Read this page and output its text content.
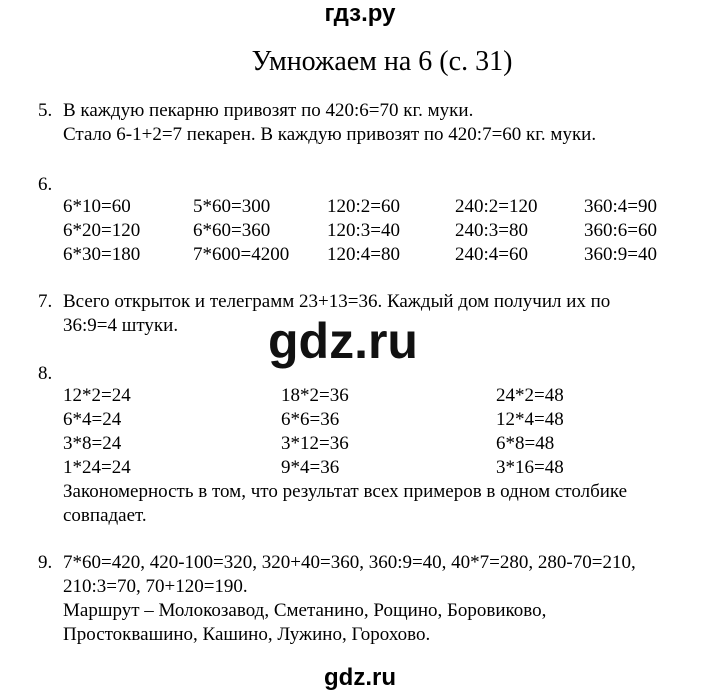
гдз.ру
Умножаем на 6 (с. 31)
5. В каждую пекарню привозят по 420:6=70 кг. муки.
Стало 6-1+2=7 пекарен. В каждую привозят по 420:7=60 кг. муки.
6.
6*10=60
6*20=120
6*30=180
5*60=300
6*60=360
7*600=4200
120:2=60
120:3=40
120:4=80
240:2=120
240:3=80
240:4=60
360:4=90
360:6=60
360:9=40
7. Всего открыток и телеграмм 23+13=36. Каждый дом получил их по
36:9=4 штуки. gdz.ru
8.
12*2=24
6*4=24
3*8=24
1*24=24
18*2=36
6*6=36
3*12=36
9*4=36
24*2=48
12*4=48
6*8=48
3*16=48
Закономерность в том, что результат всех примеров в одном столбике
совпадает.
9. 7*60=420, 420-100=320, 320+40=360, 360:9=40, 40*7=280, 280-70=210,
210:3=70, 70+120=190.
Маршрут – Молокозавод, Сметанино, Рощино, Боровиково,
Простоквашино, Кашино, Лужино, Горохово.
gdz.ru
